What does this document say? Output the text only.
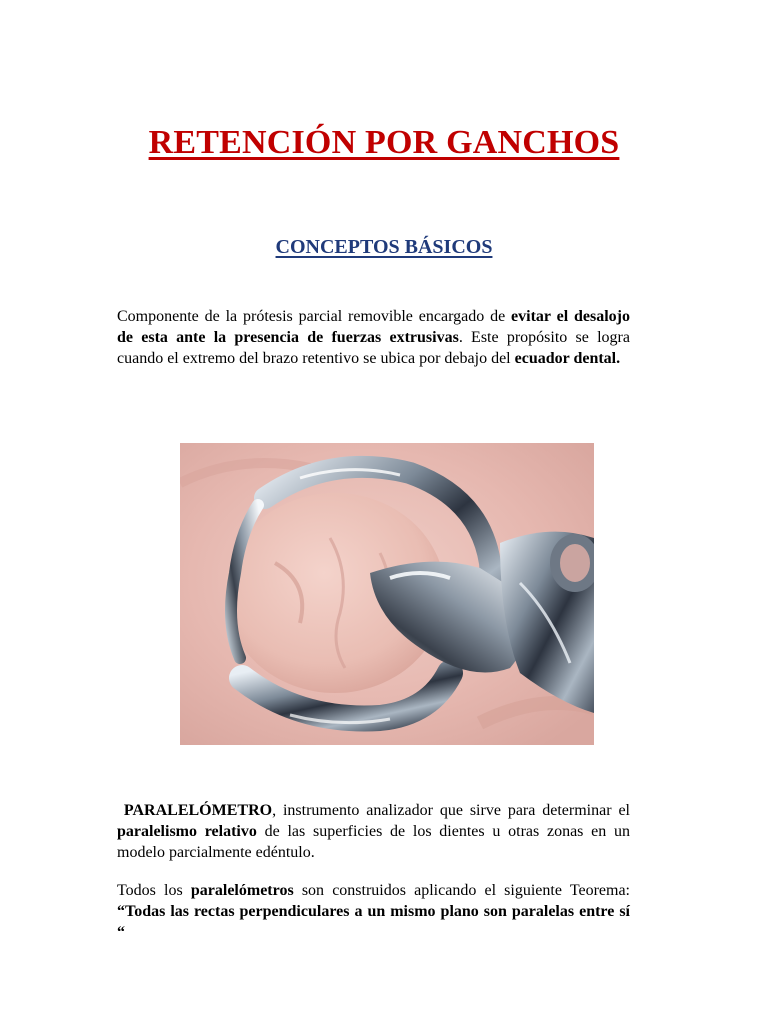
RETENCIÓN POR GANCHOS
CONCEPTOS BÁSICOS

Componente de la prótesis parcial removible encargado de evitar el desalojo de esta ante la presencia de fuerzas extrusivas. Este propósito se logra cuando el extremo del brazo retentivo se ubica por debajo del ecuador dental.

PARALELÓMETRO, instrumento analizador que sirve para determinar el paralelismo relativo de las superficies de los dientes u otras zonas en un modelo parcialmente edéntulo.

Todos los paralelómetros son construidos aplicando el siguiente Teorema: “Todas las rectas perpendiculares a un mismo plano son paralelas entre sí “
